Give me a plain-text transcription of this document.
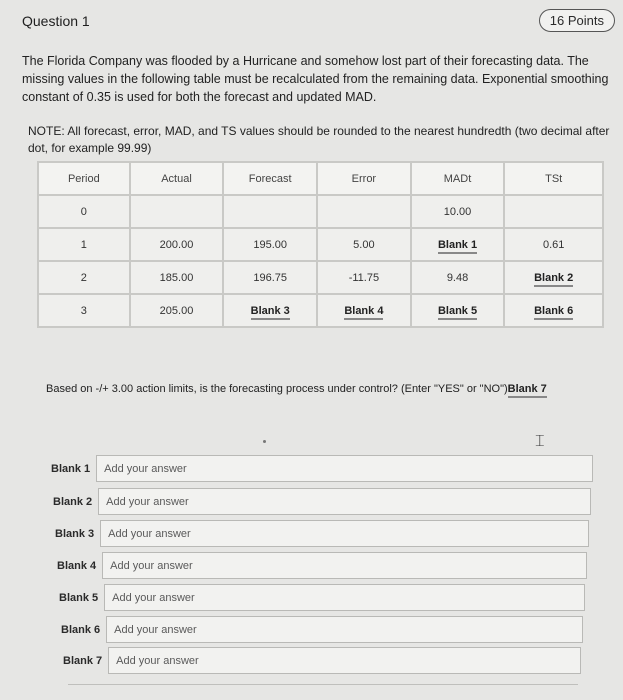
Question 1	16 Points
The Florida Company was flooded by a Hurricane and somehow lost part of their forecasting data. The missing values in the following table must be recalculated from the remaining data. Exponential smoothing constant of 0.35 is used for both the forecast and updated MAD.
NOTE: All forecast, error, MAD, and TS values should be rounded to the nearest hundredth (two decimal after dot, for example 99.99)
Period	Actual	Forecast	Error	MADt	TSt
0				10.00	
1	200.00	195.00	5.00	Blank 1	0.61
2	185.00	196.75	-11.75	9.48	Blank 2
3	205.00	Blank 3	Blank 4	Blank 5	Blank 6
Based on -/+ 3.00 action limits, is the forecasting process under control? (Enter "YES" or "NO")Blank 7
⌶
Blank 1
Add your answer
Blank 2
Add your answer
Blank 3
Add your answer
Blank 4
Add your answer
Blank 5
Add your answer
Blank 6
Add your answer
Blank 7
Add your answer
